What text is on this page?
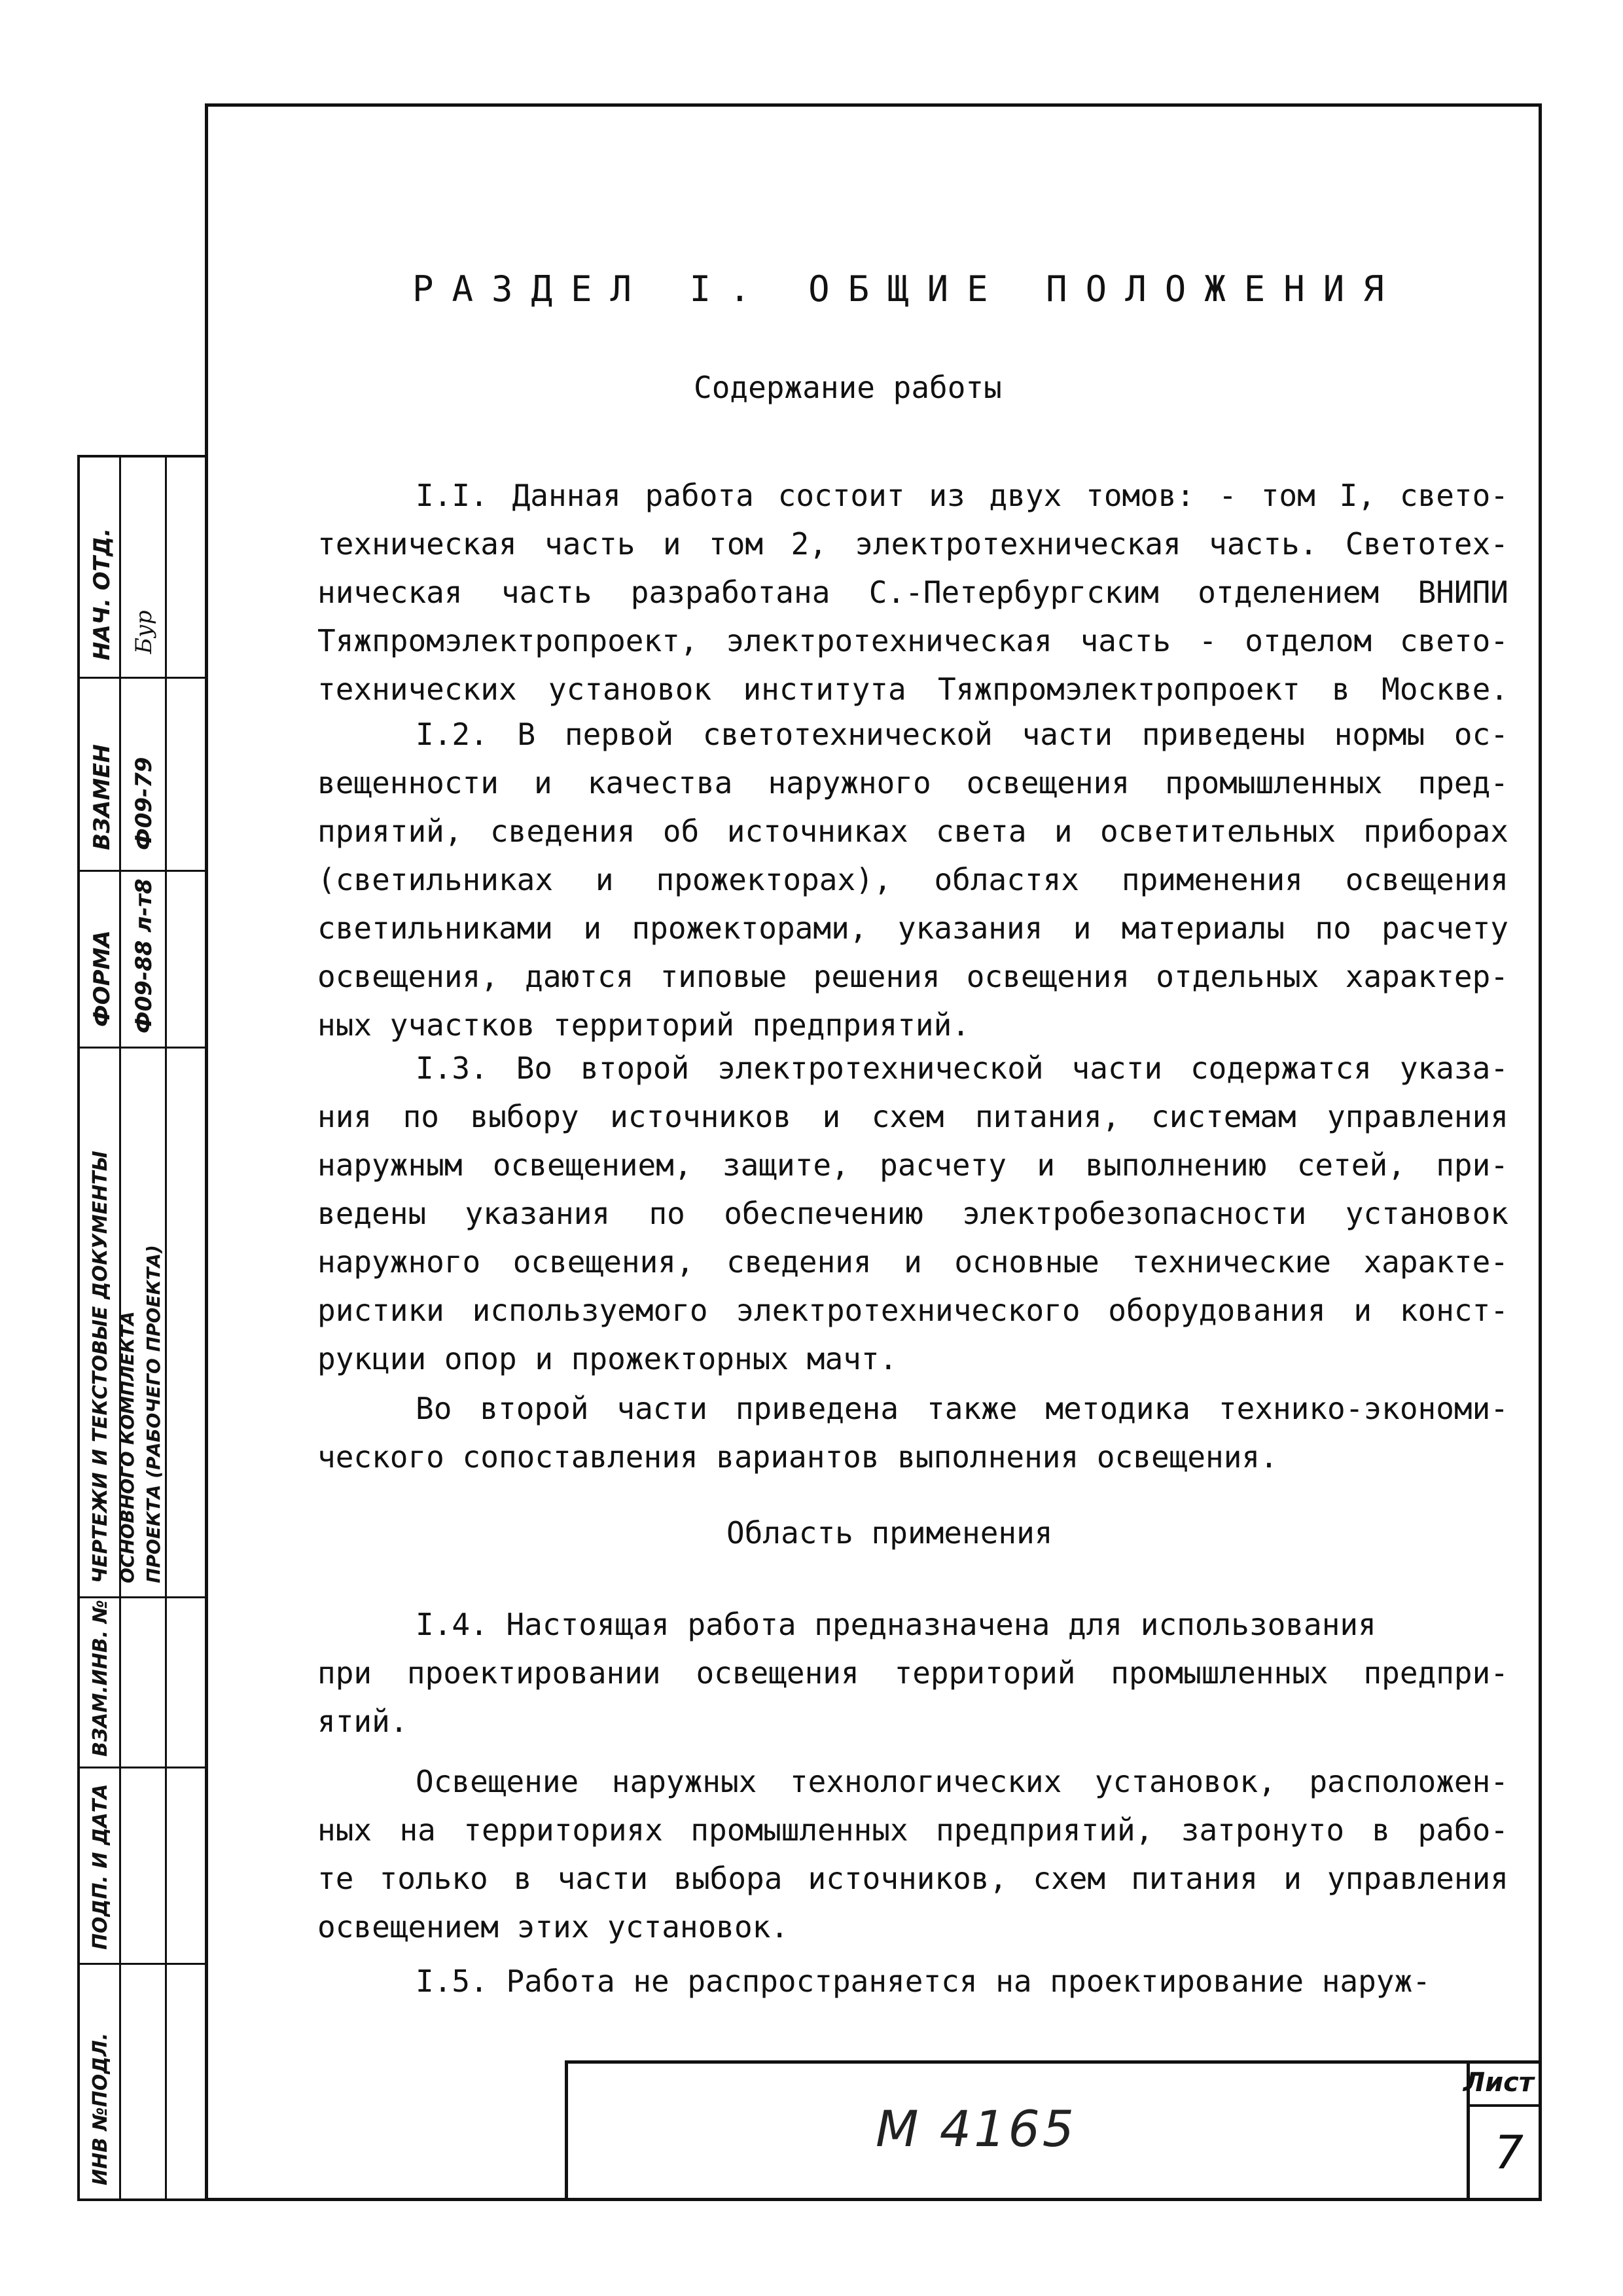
НАЧ. ОТД. Бур
ВЗАМЕН Ф09-79
ФОРМА Ф09-88 л-т8
ЧЕРТЕЖИ И ТЕКСТОВЫЕ ДОКУМЕНТЫ ОСНОВНОГО КОМПЛЕКТА ПРОЕКТА (РАБОЧЕГО ПРОЕКТА)
ВЗАМ.ИНВ. №
ПОДП. И ДАТА
ИНВ №ПОДЛ.
РАЗДЕЛ I. ОБЩИЕ ПОЛОЖЕНИЯ
Содержание работы
I.I. Данная работа состоит из двух томов: - том I, свето-
техническая часть и том 2, электротехническая часть. Светотех-
ническая часть разработана С.-Петербургским отделением ВНИПИ
Тяжпромэлектропроект, электротехническая часть - отделом свето-
технических установок института Тяжпромэлектропроект в Москве.
I.2. В первой светотехнической части приведены нормы ос-
вещенности и качества наружного освещения промышленных пред-
приятий, сведения об источниках света и осветительных приборах
(светильниках и прожекторах), областях применения освещения
светильниками и прожекторами, указания и материалы по расчету
освещения, даются типовые решения освещения отдельных характер-
ных участков территорий предприятий.
I.3. Во второй электротехнической части содержатся указа-
ния по выбору источников и схем питания, системам управления
наружным освещением, защите, расчету и выполнению сетей, при-
ведены указания по обеспечению электробезопасности установок
наружного освещения, сведения и основные технические характе-
ристики используемого электротехнического оборудования и конст-
рукции опор и прожекторных мачт.
Во второй части приведена также методика технико-экономи-
ческого сопоставления вариантов выполнения освещения.
Область применения
I.4. Настоящая работа предназначена для использования
при проектировании освещения территорий промышленных предпри-
ятий.
Освещение наружных технологических установок, расположен-
ных на территориях промышленных предприятий, затронуто в рабо-
те только в части выбора источников, схем питания и управления
освещением этих установок.
I.5. Работа не распространяется на проектирование наруж-
М 4165
Лист
7
